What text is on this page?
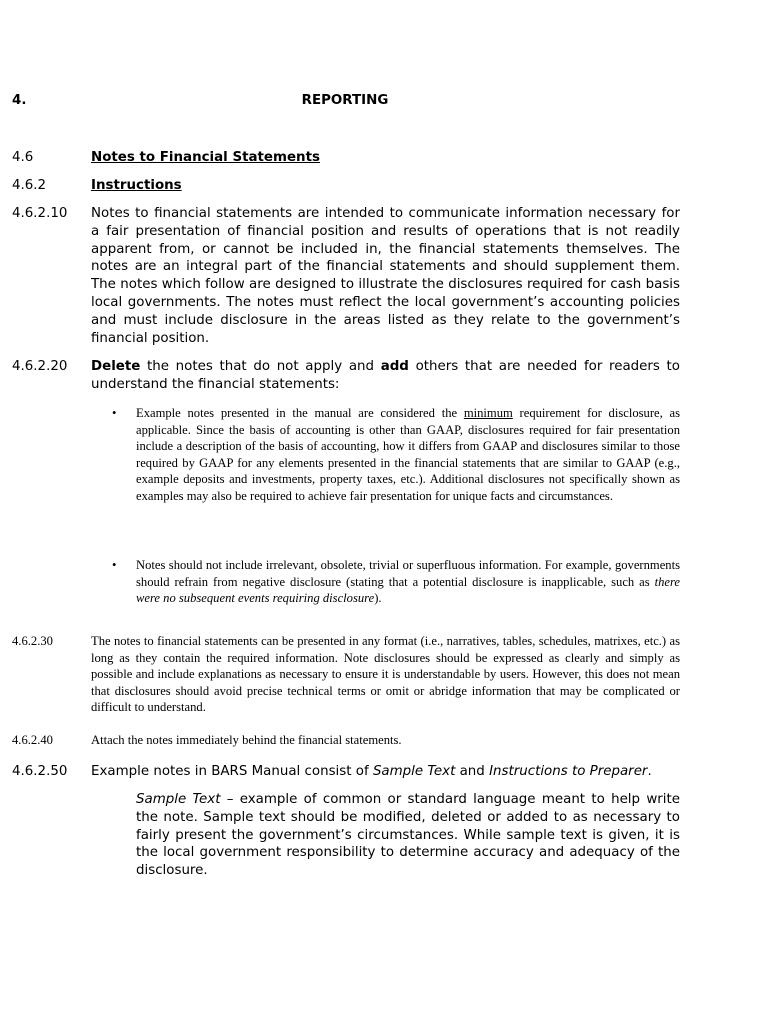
4.	REPORTING
4.6	Notes to Financial Statements
4.6.2	Instructions
4.6.2.10	Notes to financial statements are intended to communicate information necessary for a fair presentation of financial position and results of operations that is not readily apparent from, or cannot be included in, the financial statements themselves. The notes are an integral part of the financial statements and should supplement them. The notes which follow are designed to illustrate the disclosures required for cash basis local governments. The notes must reflect the local government’s accounting policies and must include disclosure in the areas listed as they relate to the government’s financial position.
4.6.2.20	Delete the notes that do not apply and add others that are needed for readers to understand the financial statements:
•	Example notes presented in the manual are considered the minimum requirement for disclosure, as applicable. Since the basis of accounting is other than GAAP, disclosures required for fair presentation include a description of the basis of accounting, how it differs from GAAP and disclosures similar to those required by GAAP for any elements presented in the financial statements that are similar to GAAP (e.g., example deposits and investments, property taxes, etc.). Additional disclosures not specifically shown as examples may also be required to achieve fair presentation for unique facts and circumstances.
•	Notes should not include irrelevant, obsolete, trivial or superfluous information. For example, governments should refrain from negative disclosure (stating that a potential disclosure is inapplicable, such as there were no subsequent events requiring disclosure).
4.6.2.30	The notes to financial statements can be presented in any format (i.e., narratives, tables, schedules, matrixes, etc.) as long as they contain the required information. Note disclosures should be expressed as clearly and simply as possible and include explanations as necessary to ensure it is understandable by users. However, this does not mean that disclosures should avoid precise technical terms or omit or abridge information that may be complicated or difficult to understand.
4.6.2.40	Attach the notes immediately behind the financial statements.
4.6.2.50	Example notes in BARS Manual consist of Sample Text and Instructions to Preparer.
Sample Text – example of common or standard language meant to help write the note. Sample text should be modified, deleted or added to as necessary to fairly present the government’s circumstances. While sample text is given, it is the local government responsibility to determine accuracy and adequacy of the disclosure.
